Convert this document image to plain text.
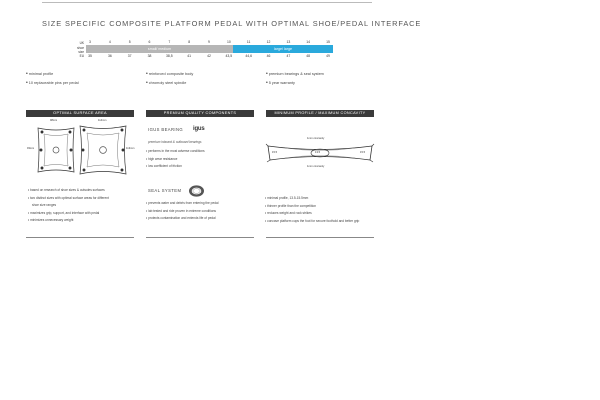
SIZE SPECIFIC COMPOSITE PLATFORM PEDAL WITH OPTIMAL SHOE/PEDAL INTERFACE
UK
shoe
size
EU
3	4	5	6	7	8	9	10	11	12	13	14	15
35	36	37	38	38,5	41	42	43,5	44,6	46	47	48	49
small/ medium	large/ large
•minimal profile
•10 replaceable pins per pedal
•reinforced composite body
•chromoly steel spindle
•premium bearings & seal system
•5 year warranty
OPTIMAL SURFACE AREA	PREMIUM QUALITY COMPONENTS	MINIMUM PROFILE / MAXIMUM CONCAVITY
98mm	114mm
93mm	113mm
•based on research of shoe sizes & outsoles surfaces
•two distinct sizes with optimal surface areas for different
shoe size ranges
•maximizes grip, support, and interface with pedal
•minimizes unnecessary weight
IGUS BEARING igus
premium inboard & outboard bearings
•performs in the most adverse conditions
•high wear resistance
•low coefficient of friction
SEAL SYSTEM
•prevents water and debris from entering the pedal
•lab tested and ride proven in extreme conditions
•protects contamination and extends life of pedal
1mm concavity
15.5	13.5	15.5
1mm concavity
•minimal profile, 13.5-15.5mm
•thinner profile than the competition
•reduces weight and rock strikes
•concave platform cups the foot for secure foothold and better grip
